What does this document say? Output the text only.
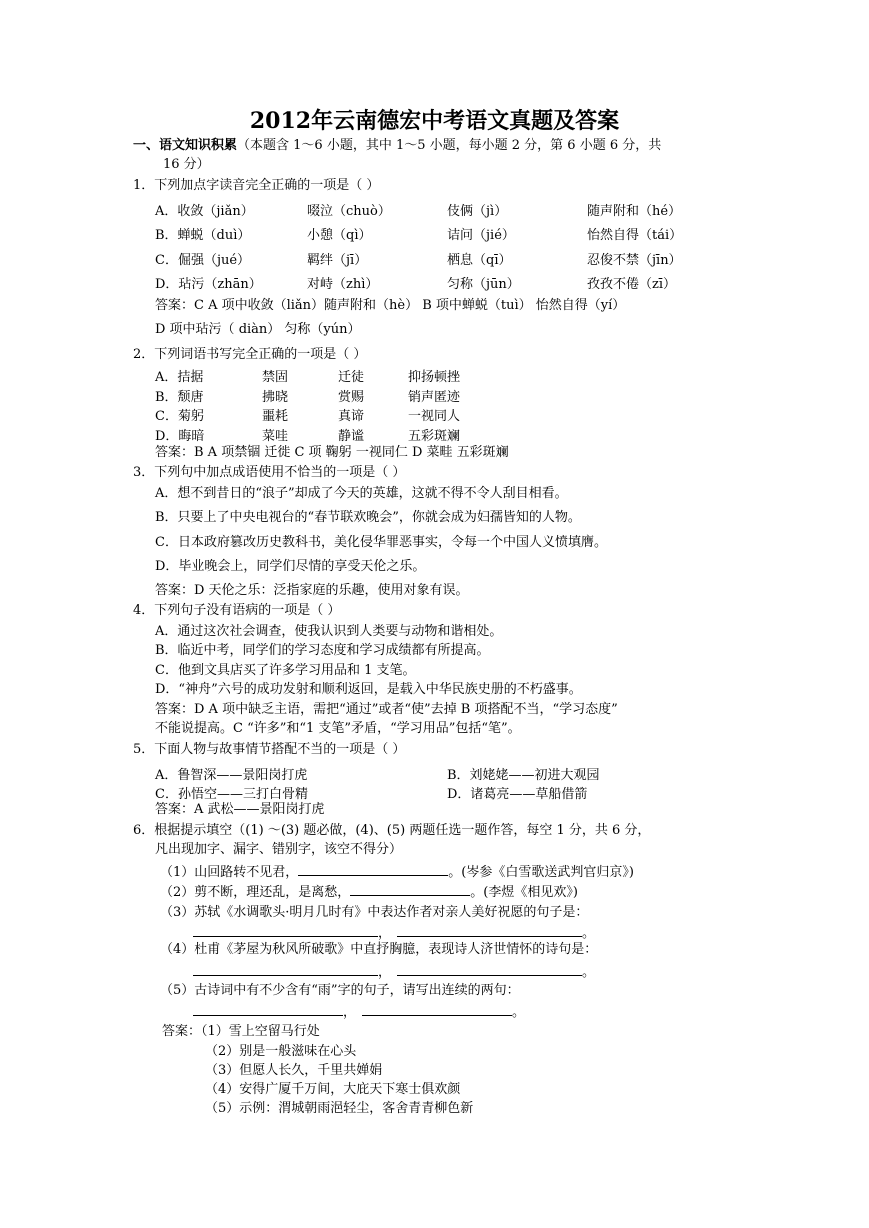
2012年云南德宏中考语文真题及答案
一、语文知识积累（本题含 1～6 小题，其中 1～5 小题，每小题 2 分，第 6 小题 6 分，共
16 分）
1．下列加点字读音完全正确的一项是（ ）
A．收敛（jiǎn）	啜泣（chuò）	伎俩（jì）	随声附和（hé）
B．蝉蜕（duì）	小憩（qì）	诘问（jié）	怡然自得（tái）
C．倔强（jué）	羁绊（jī）	栖息（qī）	忍俊不禁（jīn）
D．玷污（zhān）	对峙（zhì）	匀称（jūn）	孜孜不倦（zī）
答案：C A 项中收敛（liǎn）随声附和（hè） B 项中蝉蜕（tuì） 怡然自得（yí）
D 项中玷污（ diàn） 匀称（yún）
2．下列词语书写完全正确的一项是（ ）
A．拮据	禁固	迁徒	抑扬顿挫
B．颓唐	拂晓	赏赐	销声匿迹
C．菊躬	噩耗	真谛	一视同人
D．晦暗	菜哇	静谧	五彩斑斓
答案：B A 项禁锢 迁徙 C 项 鞠躬 一视同仁 D 菜畦 五彩斑斓
3．下列句中加点成语使用不恰当的一项是（ ）
A．想不到昔日的“浪子”却成了今天的英雄，这就不得不令人刮目相看。
B．只要上了中央电视台的“春节联欢晚会”，你就会成为妇孺皆知的人物。
C．日本政府篡改历史教科书，美化侵华罪恶事实，令每一个中国人义愤填膺。
D．毕业晚会上，同学们尽情的享受天伦之乐。
答案：D 天伦之乐：泛指家庭的乐趣，使用对象有误。
4．下列句子没有语病的一项是（ ）
A．通过这次社会调查，使我认识到人类要与动物和谐相处。
B．临近中考，同学们的学习态度和学习成绩都有所提高。
C．他到文具店买了许多学习用品和 1 支笔。
D．“神舟”六号的成功发射和顺利返回，是载入中华民族史册的不朽盛事。
答案：D A 项中缺乏主语，需把“通过”或者“使”去掉 B 项搭配不当，“学习态度”
不能说提高。C “许多”和“1 支笔”矛盾，“学习用品”包括“笔”。
5．下面人物与故事情节搭配不当的一项是（ ）
A．鲁智深——景阳岗打虎	B．刘姥姥——初进大观园
C．孙悟空——三打白骨精	D．诸葛亮——草船借箭
答案：A 武松——景阳岗打虎
6．根据提示填空（(1) ～(3) 题必做，(4)、(5) 两题任选一题作答，每空 1 分，共 6 分，
凡出现加字、漏字、错别字，该空不得分）
（1）山回路转不见君，	。(岑参《白雪歌送武判官归京》)
（2）剪不断，理还乱，是离愁，	。(李煜《相见欢》)
（3）苏轼《水调歌头·明月几时有》中表达作者对亲人美好祝愿的句子是：
，	。
（4）杜甫《茅屋为秋风所破歌》中直抒胸臆，表现诗人济世情怀的诗句是：
，	。
（5）古诗词中有不少含有“雨”字的句子，请写出连续的两句：
，	。
答案：（1）雪上空留马行处
（2）别是一般滋味在心头
（3）但愿人长久，千里共婵娟
（4）安得广厦千万间，大庇天下寒士俱欢颜
（5）示例：渭城朝雨浥轻尘，客舍青青柳色新
